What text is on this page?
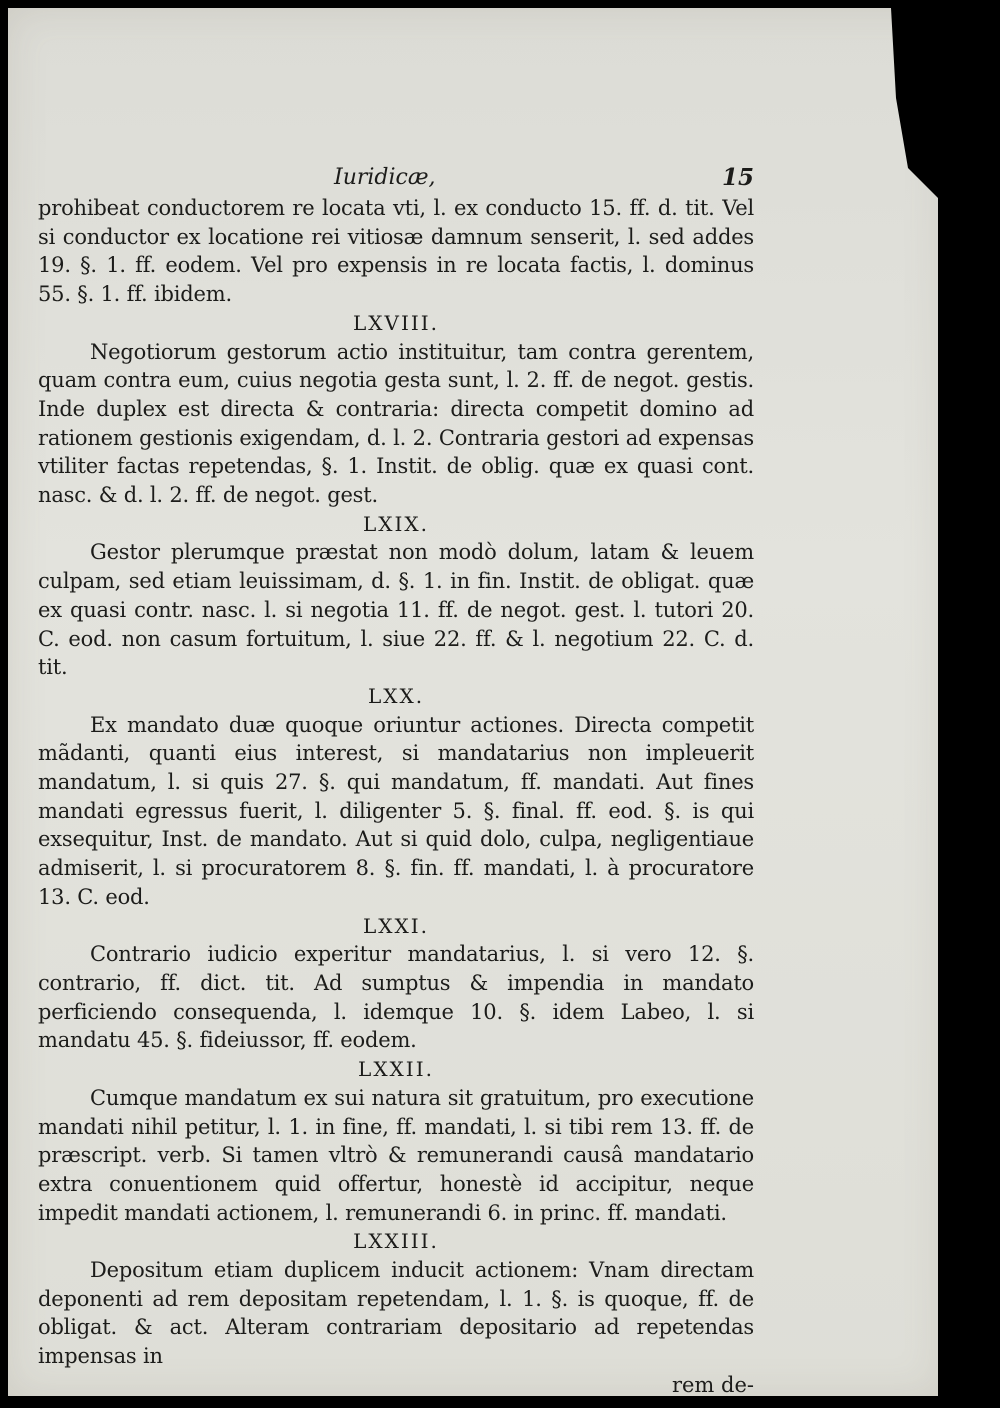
Iuridicæ,	15

prohibeat conductorem re locata vti, l. ex conducto 15. ff. d. tit. Vel si conductor ex locatione rei vitiosæ damnum senserit, l. sed addes 19. §. 1. ff. eodem. Vel pro expensis in re locata factis, l. dominus 55. §. 1. ff. ibidem.

LXVIII.

Negotiorum gestorum actio instituitur, tam contra gerentem, quam contra eum, cuius negotia gesta sunt, l. 2. ff. de negot. gestis. Inde duplex est directa & contraria: directa competit domino ad rationem gestionis exigendam, d. l. 2. Contraria gestori ad expensas vtiliter factas repetendas, §. 1. Instit. de oblig. quæ ex quasi cont. nasc. & d. l. 2. ff. de negot. gest.

LXIX.

Gestor plerumque præstat non modò dolum, latam & leuem culpam, sed etiam leuissimam, d. §. 1. in fin. Instit. de obligat. quæ ex quasi contr. nasc. l. si negotia 11. ff. de negot. gest. l. tutori 20. C. eod. non casum fortuitum, l. siue 22. ff. & l. negotium 22. C. d. tit.

LXX.

Ex mandato duæ quoque oriuntur actiones. Directa competit mãdanti, quanti eius interest, si mandatarius non impleuerit mandatum, l. si quis 27. §. qui mandatum, ff. mandati. Aut fines mandati egressus fuerit, l. diligenter 5. §. final. ff. eod. §. is qui exsequitur, Inst. de mandato. Aut si quid dolo, culpa, negligentiaue admiserit, l. si procuratorem 8. §. fin. ff. mandati, l. à procuratore 13. C. eod.

LXXI.

Contrario iudicio experitur mandatarius, l. si vero 12. §. contrario, ff. dict. tit. Ad sumptus & impendia in mandato perficiendo consequenda, l. idemque 10. §. idem Labeo, l. si mandatu 45. §. fideiussor, ff. eodem.

LXXII.

Cumque mandatum ex sui natura sit gratuitum, pro executione mandati nihil petitur, l. 1. in fine, ff. mandati, l. si tibi rem 13. ff. de præscript. verb. Si tamen vltrò & remunerandi causâ mandatario extra conuentionem quid offertur, honestè id accipitur, neque impedit mandati actionem, l. remunerandi 6. in princ. ff. mandati.

LXXIII.

Depositum etiam duplicem inducit actionem: Vnam directam deponenti ad rem depositam repetendam, l. 1. §. is quoque, ff. de obligat. & act. Alteram contrariam depositario ad repetendas impensas in

rem de-
